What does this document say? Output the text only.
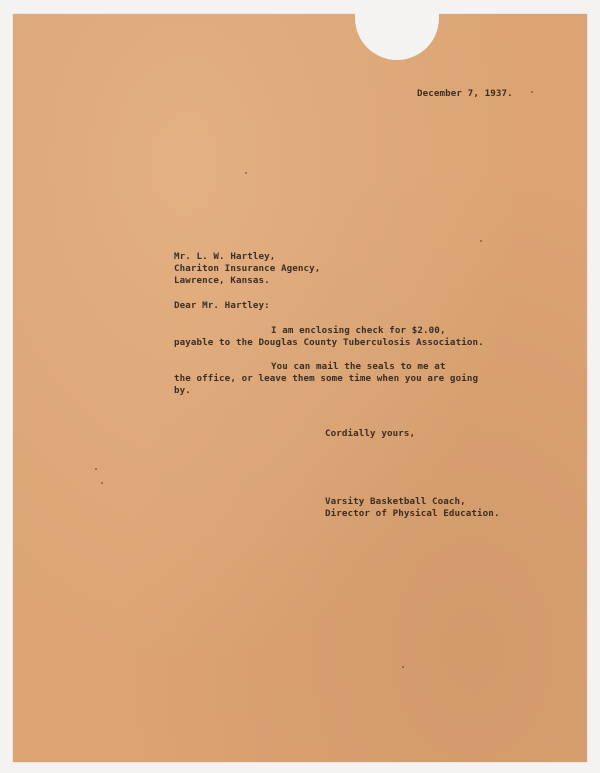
December 7, 1937.
Mr. L. W. Hartley,
Chariton Insurance Agency,
Lawrence, Kansas.
Dear Mr. Hartley:
I am enclosing check for $2.00,
payable to the Douglas County Tuberculosis Association.
You can mail the seals to me at
the office, or leave them some time when you are going
by.
Cordially yours,
Varsity Basketball Coach,
Director of Physical Education.
